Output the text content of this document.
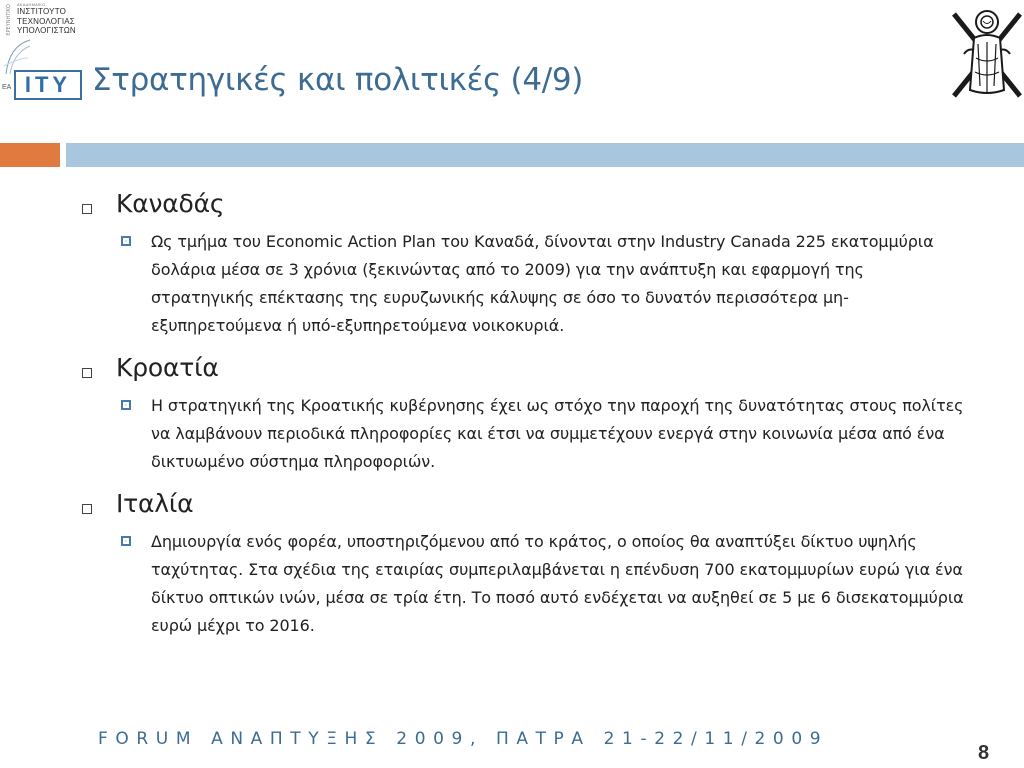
ΕΡΕΥΝΗΤΙΚΟ ΑΚΑΔΗΜΑΪΚΟ
ΙΝΣΤΙΤΟΥΤΟ
ΤΕΧΝΟΛΟΓΙΑΣ
ΥΠΟΛΟΓΙΣΤΩΝ
ΕΑ ΙΤΥ Στρατηγικές και πολιτικές (4/9)
Καναδάς
Ως τμήμα του Economic Action Plan του Καναδά, δίνονται στην Industry Canada 225 εκατομμύρια δολάρια μέσα σε 3 χρόνια (ξεκινώντας από το 2009) για την ανάπτυξη και εφαρμογή της στρατηγικής επέκτασης της ευρυζωνικής κάλυψης σε όσο το δυνατόν περισσότερα μη-εξυπηρετούμενα ή υπό-εξυπηρετούμενα νοικοκυριά.
Κροατία
Η στρατηγική της Κροατικής κυβέρνησης έχει ως στόχο την παροχή της δυνατότητας στους πολίτες να λαμβάνουν περιοδικά πληροφορίες και έτσι να συμμετέχουν ενεργά στην κοινωνία μέσα από ένα δικτυωμένο σύστημα πληροφοριών.
Ιταλία
Δημιουργία ενός φορέα, υποστηριζόμενου από το κράτος, ο οποίος θα αναπτύξει δίκτυο υψηλής ταχύτητας. Στα σχέδια της εταιρίας συμπεριλαμβάνεται η επένδυση 700 εκατομμυρίων ευρώ για ένα δίκτυο οπτικών ινών, μέσα σε τρία έτη. Το ποσό αυτό ενδέχεται να αυξηθεί σε 5 με 6 δισεκατομμύρια ευρώ μέχρι το 2016.
FORUM ΑΝΑΠΤΥΞΗΣ 2009, ΠΑΤΡΑ 21-22/11/2009
8
